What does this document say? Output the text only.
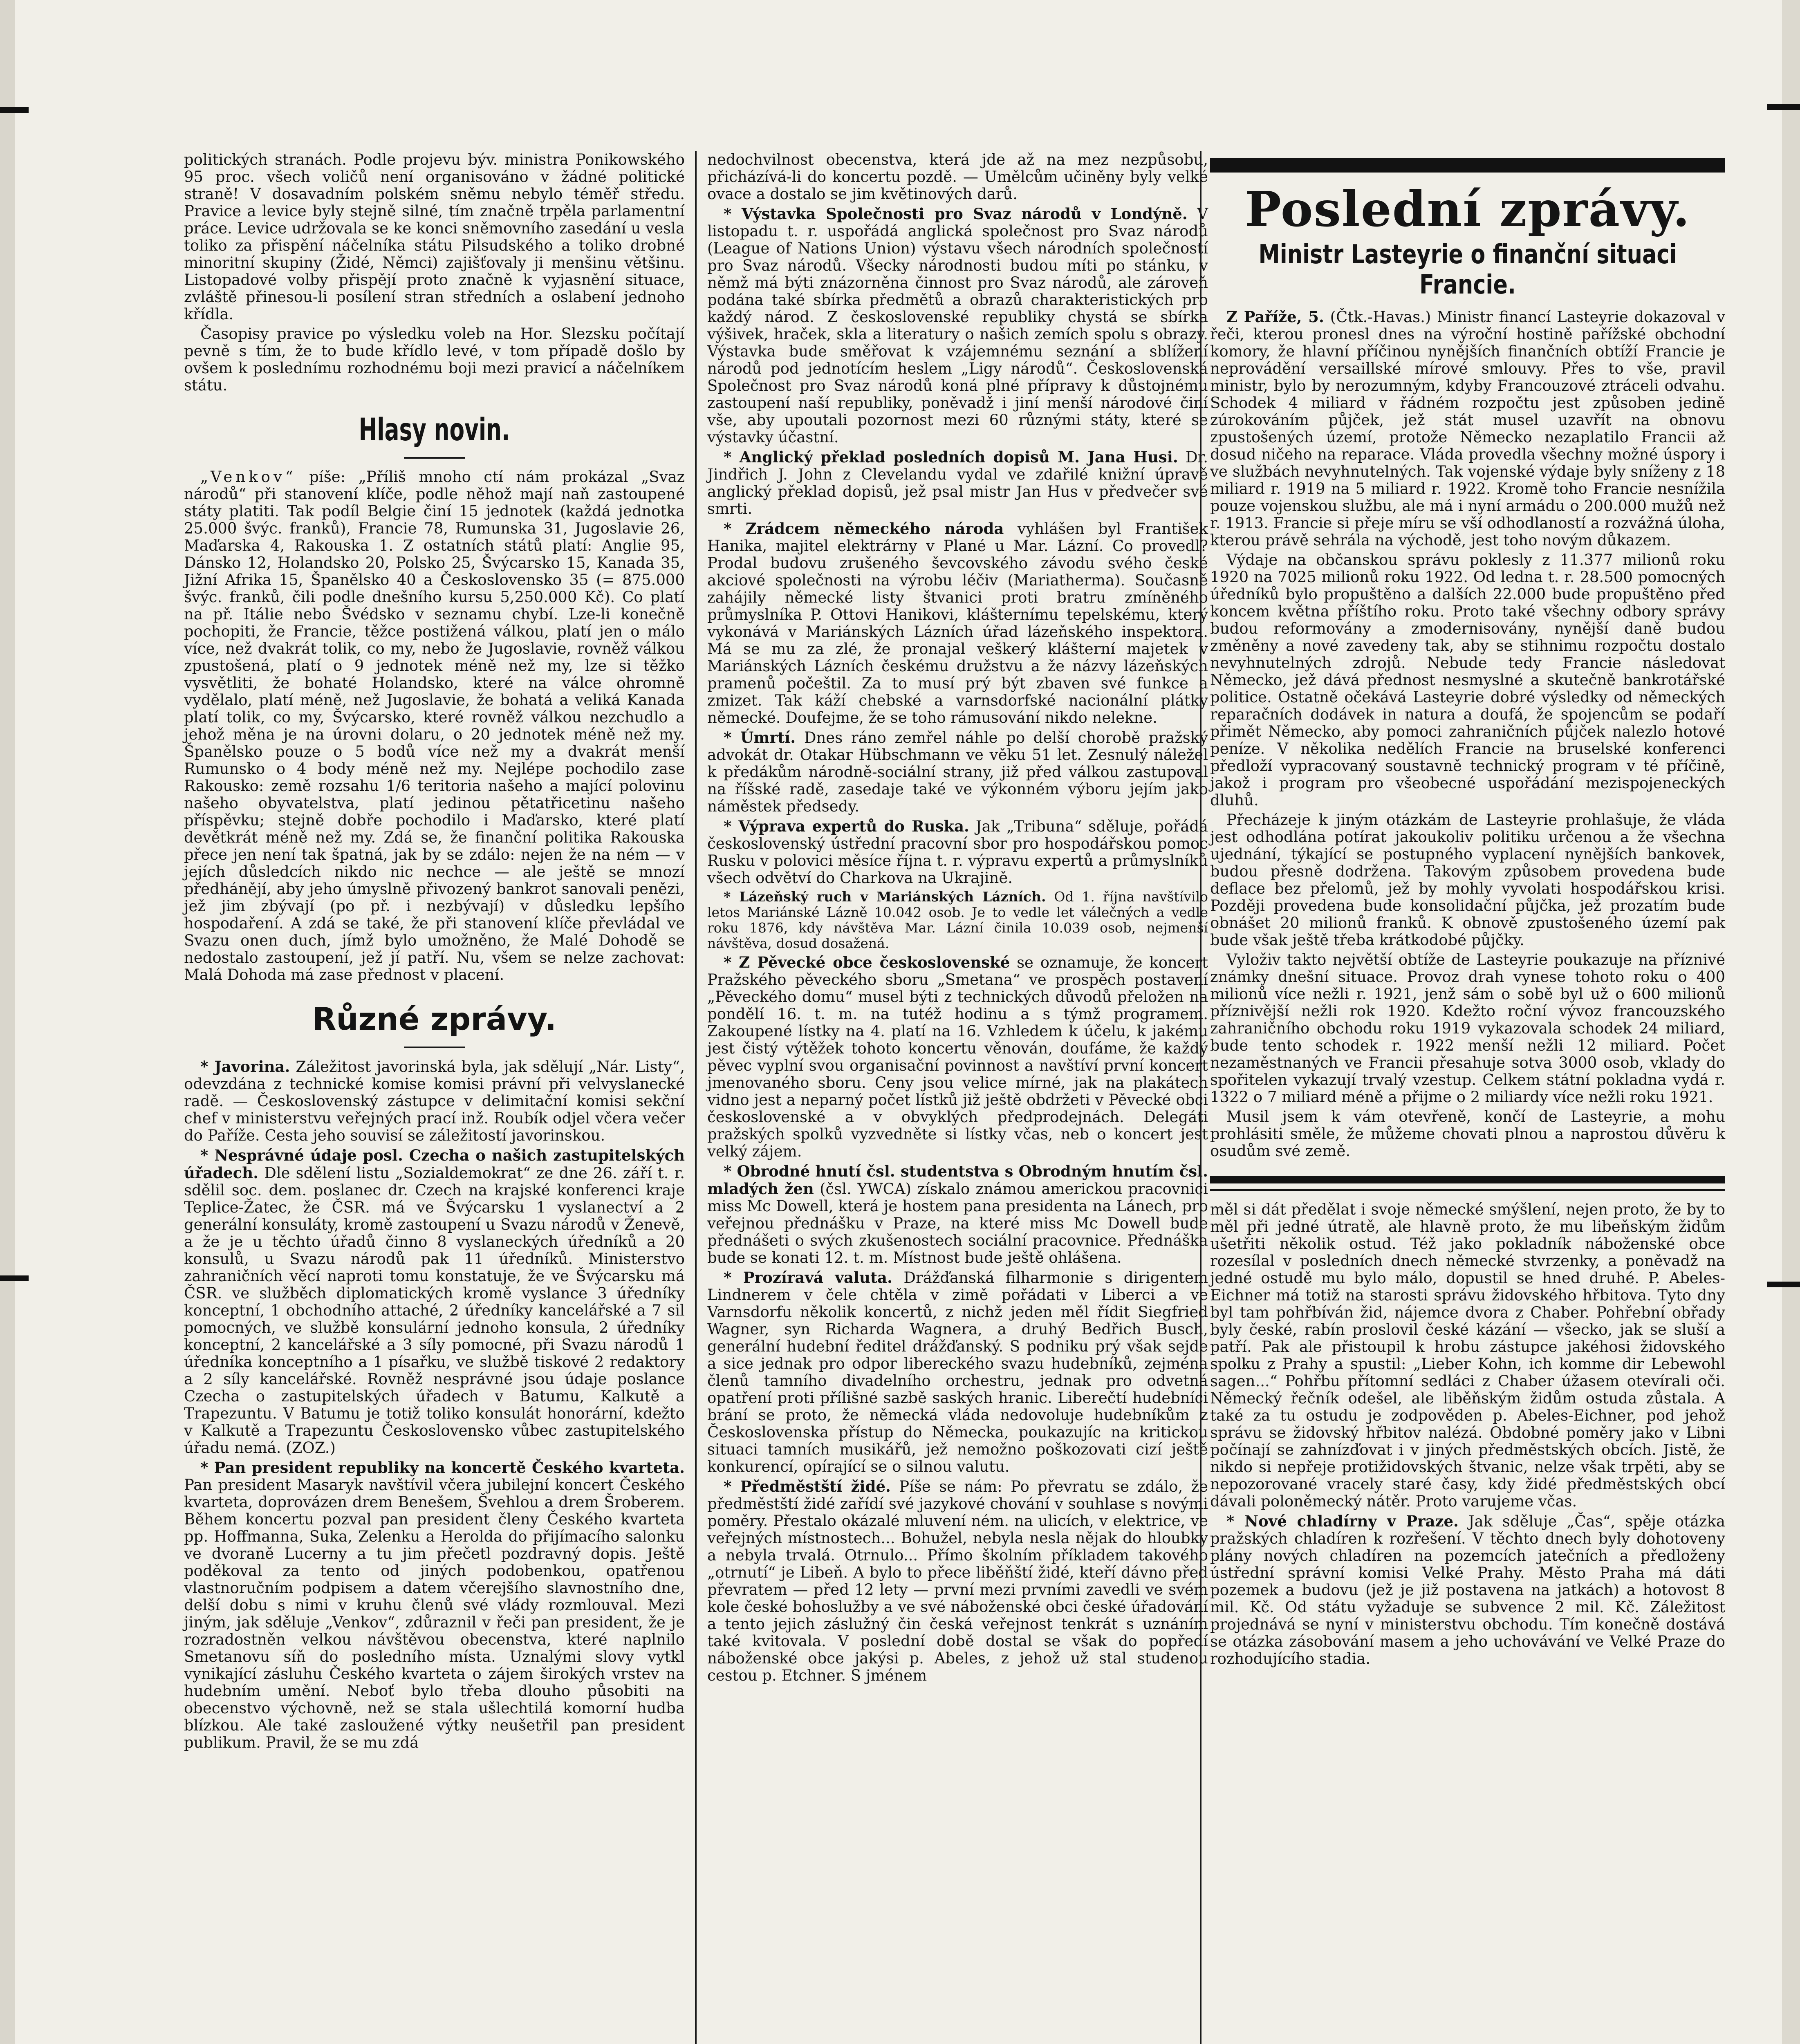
politických stranách. Podle projevu býv. ministra Ponikowského 95 proc. všech voličů není organisováno v žádné politické straně! V dosavadním polském sněmu nebylo téměř středu. Pravice a levice byly stejně silné, tím značně trpěla parlamentní práce. Levice udržovala se ke konci sněmovního zasedání u vesla toliko za přispění náčelníka státu Pilsudského a toliko drobné minoritní skupiny (Židé, Němci) zajišťovaly ji menšinu většinu. Listopadové volby přispějí proto značně k vyjasnění situace, zvláště přinesou-li posílení stran středních a oslabení jednoho křídla.

Časopisy pravice po výsledku voleb na Hor. Slezsku počítají pevně s tím, že to bude křídlo levé, v tom případě došlo by ovšem k poslednímu rozhodnému boji mezi pravicí a náčelníkem státu.

Hlasy novin.

„Venkov“ píše: „Příliš mnoho ctí nám prokázal „Svaz národů“ při stanovení klíče, podle něhož mají naň zastoupené státy platiti. Tak podíl Belgie činí 15 jednotek (každá jednotka 25.000 švýc. franků), Francie 78, Rumunska 31, Jugoslavie 26, Maďarska 4, Rakouska 1. Z ostatních států platí: Anglie 95, Dánsko 12, Holandsko 20, Polsko 25, Švýcarsko 15, Kanada 35, Jižní Afrika 15, Španělsko 40 a Československo 35 (= 875.000 švýc. franků, čili podle dnešního kursu 5,250.000 Kč). Co platí na př. Itálie nebo Švédsko v seznamu chybí. Lze-li konečně pochopiti, že Francie, těžce postižená válkou, platí jen o málo více, než dvakrát tolik, co my, nebo že Jugoslavie, rovněž válkou zpustošená, platí o 9 jednotek méně než my, lze si těžko vysvětliti, že bohaté Holandsko, které na válce ohromně vydělalo, platí méně, než Jugoslavie, že bohatá a veliká Kanada platí tolik, co my, Švýcarsko, které rovněž válkou nezchudlo a jehož měna je na úrovni dolaru, o 20 jednotek méně než my. Španělsko pouze o 5 bodů více než my a dvakrát menší Rumunsko o 4 body méně než my. Nejlépe pochodilo zase Rakousko: země rozsahu 1/6 teritoria našeho a mající polovinu našeho obyvatelstva, platí jedinou pětatřicetinu našeho příspěvku; stejně dobře pochodilo i Maďarsko, které platí devětkrát méně než my. Zdá se, že finanční politika Rakouska přece jen není tak špatná, jak by se zdálo: nejen že na ném — v jejích důsledcích nikdo nic nechce — ale ještě se mnozí předhánějí, aby jeho úmyslně přivozený bankrot sanovali penězi, jež jim zbývají (po př. i nezbývají) v důsledku lepšího hospodaření. A zdá se také, že při stanovení klíče převládal ve Svazu onen duch, jímž bylo umožněno, že Malé Dohodě se nedostalo zastoupení, jež jí patří. Nu, všem se nelze zachovat: Malá Dohoda má zase přednost v placení.

Různé zprávy.

* Javorina. Záležitost javorinská byla, jak sdělují „Nár. Listy“, odevzdána z technické komise komisi právní při velvyslanecké radě. — Československý zástupce v delimitační komisi sekční chef v ministerstvu veřejných prací inž. Roubík odjel včera večer do Paříže. Cesta jeho souvisí se záležitostí javorinskou.

* Nesprávné údaje posl. Czecha o našich zastupitelských úřadech. Dle sdělení listu „Sozialdemokrat“ ze dne 26. září t. r. sdělil soc. dem. poslanec dr. Czech na krajské konferenci kraje Teplice-Žatec, že ČSR. má ve Švýcarsku 1 vyslanectví a 2 generální konsuláty, kromě zastoupení u Svazu národů v Ženevě, a že je u těchto úřadů činno 8 vyslaneckých úředníků a 20 konsulů, u Svazu národů pak 11 úředníků. Ministerstvo zahraničních věcí naproti tomu konstatuje, že ve Švýcarsku má ČSR. ve služběch diplomatických kromě vyslance 3 úředníky konceptní, 1 obchodního attaché, 2 úředníky kancelářské a 7 sil pomocných, ve službě konsulární jednoho konsula, 2 úředníky konceptní, 2 kancelářské a 3 síly pomocné, při Svazu národů 1 úředníka konceptního a 1 písařku, ve službě tiskové 2 redaktory a 2 síly kancelářské. Rovněž nesprávné jsou údaje poslance Czecha o zastupitelských úřadech v Batumu, Kalkutě a Trapezuntu. V Batumu je totiž toliko konsulát honorární, kdežto v Kalkutě a Trapezuntu Československo vůbec zastupitelského úřadu nemá. (ZOZ.)

* Pan president republiky na koncertě Českého kvarteta. Pan president Masaryk navštívil včera jubilejní koncert Českého kvarteta, doprovázen drem Benešem, Švehlou a drem Šroberem. Během koncertu pozval pan president členy Českého kvarteta pp. Hoffmanna, Suka, Zelenku a Herolda do přijímacího salonku ve dvoraně Lucerny a tu jim přečetl pozdravný dopis. Ještě poděkoval za tento od jiných podobenkou, opatřenou vlastnoručním podpisem a datem včerejšího slavnostního dne, delší dobu s nimi v kruhu členů své vlády rozmlouval. Mezi jiným, jak sděluje „Venkov“, zdůraznil v řeči pan president, že je rozradostněn velkou návštěvou obecenstva, které naplnilo Smetanovu síň do posledního místa. Uznalými slovy vytkl vynikající zásluhu Českého kvarteta o zájem širokých vrstev na hudebním umění. Neboť bylo třeba dlouho působiti na obecenstvo výchovně, než se stala ušlechtilá komorní hudba blízkou. Ale také zasloužené výtky neušetřil pan president publikum. Pravil, že se mu zdá

nedochvilnost obecenstva, která jde až na mez nezpůsobu, přicházívá-li do koncertu pozdě. — Umělcům učiněny byly velké ovace a dostalo se jim květinových darů.

* Výstavka Společnosti pro Svaz národů v Londýně. V listopadu t. r. uspořádá anglická společnost pro Svaz národů (League of Nations Union) výstavu všech národních společností pro Svaz národů. Všecky národnosti budou míti po stánku, v němž má býti znázorněna činnost pro Svaz národů, ale zároveň podána také sbírka předmětů a obrazů charakteristických pro každý národ. Z československé republiky chystá se sbírka výšivek, hraček, skla a literatury o našich zemích spolu s obrazy. Výstavka bude směřovat k vzájemnému seznání a sblížení národů pod jednotícím heslem „Ligy národů“. Československá Společnost pro Svaz národů koná plné přípravy k důstojnému zastoupení naší republiky, poněvadž i jiní menší národové činí vše, aby upoutali pozornost mezi 60 různými státy, které se výstavky účastní.

* Anglický překlad posledních dopisů M. Jana Husi. Dr. Jindřich J. John z Clevelandu vydal ve zdařilé knižní úpravě anglický překlad dopisů, jež psal mistr Jan Hus v předvečer své smrti.

* Zrádcem německého národa vyhlášen byl František Hanika, majitel elektrárny v Plané u Mar. Lázní. Co provedl? Prodal budovu zrušeného ševcovského závodu svého české akciové společnosti na výrobu léčiv (Mariatherma). Současně zahájily německé listy štvanici proti bratru zmíněného průmyslníka P. Ottovi Hanikovi, klášternímu tepelskému, který vykonává v Mariánských Lázních úřad lázeňského inspektora. Má se mu za zlé, že pronajal veškerý klášterní majetek v Mariánských Lázních českému družstvu a že názvy lázeňských pramenů počeštil. Za to musí prý být zbaven své funkce a zmizet. Tak káží chebské a varnsdorfské nacionální plátky německé. Doufejme, že se toho rámusování nikdo nelekne.

* Úmrtí. Dnes ráno zemřel náhle po delší chorobě pražský advokát dr. Otakar Hübschmann ve věku 51 let. Zesnulý náležel k předákům národně-sociální strany, již před válkou zastupoval na říšské radě, zasedaje také ve výkonném výboru jejím jako náměstek předsedy.

* Výprava expertů do Ruska. Jak „Tribuna“ sděluje, pořádá československý ústřední pracovní sbor pro hospodářskou pomoc Rusku v polovici měsíce října t. r. výpravu expertů a průmyslníků všech odvětví do Charkova na Ukrajině.

* Lázeňský ruch v Mariánských Lázních. Od 1. října navštívilo letos Mariánské Lázně 10.042 osob. Je to vedle let válečných a vedle roku 1876, kdy návštěva Mar. Lázní činila 10.039 osob, nejmenší návštěva, dosud dosažená.

* Z Pěvecké obce československé se oznamuje, že koncert Pražského pěveckého sboru „Smetana“ ve prospěch postavení „Pěveckého domu“ musel býti z technických důvodů přeložen na pondělí 16. t. m. na tutéž hodinu a s týmž programem. Zakoupené lístky na 4. platí na 16. Vzhledem k účelu, k jakému jest čistý výtěžek tohoto koncertu věnován, doufáme, že každý pěvec vyplní svou organisační povinnost a navštíví první koncert jmenovaného sboru. Ceny jsou velice mírné, jak na plakátech vidno jest a neparný počet lístků již ještě obdržeti v Pěvecké obci československé a v obvyklých předprodejnách. Delegáti pražských spolků vyzvedněte si lístky včas, neb o koncert jest velký zájem.

* Obrodné hnutí čsl. studentstva s Obrodným hnutím čsl. mladých žen (čsl. YWCA) získalo známou americkou pracovnici miss Mc Dowell, která je hostem pana presidenta na Lánech, pro veřejnou přednášku v Praze, na které miss Mc Dowell bude přednášeti o svých zkušenostech sociální pracovnice. Přednáška bude se konati 12. t. m. Místnost bude ještě ohlášena.

* Prozíravá valuta. Drážďanská filharmonie s dirigentem Lindnerem v čele chtěla v zimě pořádati v Liberci a ve Varnsdorfu několik koncertů, z nichž jeden měl řídit Siegfried Wagner, syn Richarda Wagnera, a druhý Bedřich Busch, generální hudební ředitel drážďanský. S podniku prý však sejde a sice jednak pro odpor libereckého svazu hudebníků, zejména členů tamního divadelního orchestru, jednak pro odvetná opatření proti přílišné sazbě saských hranic. Liberečtí hudebníci brání se proto, že německá vláda nedovoluje hudebníkům z Československa přístup do Německa, poukazujíc na kritickou situaci tamních musikářů, jež nemožno poškozovati cizí ještě konkurencí, opírající se o silnou valutu.

* Předměstští židé. Píše se nám: Po převratu se zdálo, že předměstští židé zařídí své jazykové chování v souhlase s novými poměry. Přestalo okázalé mluvení ném. na ulicích, v elektrice, ve veřejných místnostech... Bohužel, nebyla nesla nějak do hloubky a nebyla trvalá. Otrnulo... Přímo školním příkladem takového „otrnutí“ je Libeň. A bylo to přece liběňští židé, kteří dávno před převratem — před 12 lety — první mezi prvními zavedli ve svém kole české bohoslužby a ve své náboženské obci české úřadování a tento jejich záslužný čin česká veřejnost tenkrát s uznáním také kvitovala. V poslední době dostal se však do popředí náboženské obce jakýsi p. Abeles, z jehož už stal studenou cestou p. Etchner. S jménem

Poslední zprávy.
Ministr Lasteyrie o finanční situaci Francie.

Z Paříže, 5. (Čtk.-Havas.) Ministr financí Lasteyrie dokazoval v řeči, kterou pronesl dnes na výroční hostině pařížské obchodní komory, že hlavní příčinou nynějších finančních obtíží Francie je neprovádění versaillské mírové smlouvy. Přes to vše, pravil ministr, bylo by nerozumným, kdyby Francouzové ztráceli odvahu. Schodek 4 miliard v řádném rozpočtu jest způsoben jedině zúrokováním půjček, jež stát musel uzavřít na obnovu zpustošených území, protože Německo nezaplatilo Francii až dosud ničeho na reparace. Vláda provedla všechny možné úspory i ve službách nevyhnutelných. Tak vojenské výdaje byly sníženy z 18 miliard r. 1919 na 5 miliard r. 1922. Kromě toho Francie nesnížila pouze vojenskou službu, ale má i nyní armádu o 200.000 mužů než r. 1913. Francie si přeje míru se vší odhodlaností a rozvážná úloha, kterou právě sehrála na východě, jest toho novým důkazem.

Výdaje na občanskou správu poklesly z 11.377 milionů roku 1920 na 7025 milionů roku 1922. Od ledna t. r. 28.500 pomocných úředníků bylo propuštěno a dalších 22.000 bude propuštěno před koncem května příštího roku. Proto také všechny odbory správy budou reformovány a zmodernisovány, nynější daně budou změněny a nové zavedeny tak, aby se stihnimu rozpočtu dostalo nevyhnutelných zdrojů. Nebude tedy Francie následovat Německo, jež dává přednost nesmyslné a skutečně bankrotářské politice. Ostatně očekává Lasteyrie dobré výsledky od německých reparačních dodávek in natura a doufá, že spojencům se podaří přimět Německo, aby pomoci zahraničních půjček nalezlo hotové peníze. V několika nedělích Francie na bruselské konferenci předloží vypracovaný soustavně technický program v té příčině, jakož i program pro všeobecné uspořádání mezispojeneckých dluhů.

Přecházeje k jiným otázkám de Lasteyrie prohlašuje, že vláda jest odhodlána potírat jakoukoliv politiku určenou a že všechna ujednání, týkající se postupného vyplacení nynějších bankovek, budou přesně dodržena. Takovým způsobem provedena bude deflace bez přelomů, jež by mohly vyvolati hospodářskou krisi. Později provedena bude konsolidační půjčka, jež prozatím bude obnášet 20 milionů franků. K obnově zpustošeného území pak bude však ještě třeba krátkodobé půjčky.

Vyloživ takto největší obtíže de Lasteyrie poukazuje na příznivé známky dnešní situace. Provoz drah vynese tohoto roku o 400 milionů více nežli r. 1921, jenž sám o sobě byl už o 600 milionů příznivější nežli rok 1920. Kdežto roční vývoz francouzského zahraničního obchodu roku 1919 vykazovala schodek 24 miliard, bude tento schodek r. 1922 menší nežli 12 miliard. Počet nezaměstnaných ve Francii přesahuje sotva 3000 osob, vklady do spořitelen vykazují trvalý vzestup. Celkem státní pokladna vydá r. 1322 o 7 miliard méně a přijme o 2 miliardy více nežli roku 1921.

Musil jsem k vám otevřeně, končí de Lasteyrie, a mohu prohlásiti směle, že můžeme chovati plnou a naprostou důvěru k osudům své země.

měl si dát předělat i svoje německé smýšlení, nejen proto, že by to měl při jedné útratě, ale hlavně proto, že mu libeňským židům ušetřiti několik ostud. Též jako pokladník náboženské obce rozesílal v posledních dnech německé stvrzenky, a poněvadž na jedné ostudě mu bylo málo, dopustil se hned druhé. P. Abeles-Eichner má totiž na starosti správu židovského hřbitova. Tyto dny byl tam pohřbíván žid, nájemce dvora z Chaber. Pohřební obřady byly české, rabín proslovil české kázání — všecko, jak se sluší a patří. Pak ale přistoupil k hrobu zástupce jakéhosi židovského spolku z Prahy a spustil: „Lieber Kohn, ich komme dir Lebewohl sagen...“ Pohřbu přítomní sedláci z Chaber úžasem otevírali oči. Německý řečník odešel, ale liběňským židům ostuda zůstala. A také za tu ostudu je zodpověden p. Abeles-Eichner, pod jehož správu se židovský hřbitov nalézá. Obdobné poměry jako v Libni počínají se zahnízďovat i v jiných předměstských obcích. Jistě, že nikdo si nepřeje protižidovských štvanic, nelze však trpěti, aby se nepozorované vracely staré časy, kdy židé předměstských obcí dávali poloněmecký nátěr. Proto varujeme včas.

* Nové chladírny v Praze. Jak sděluje „Čas“, spěje otázka pražských chladíren k rozřešení. V těchto dnech byly dohotoveny plány nových chladíren na pozemcích jatečních a předloženy ústřední správní komisi Velké Prahy. Město Praha má dáti pozemek a budovu (jež je již postavena na jatkách) a hotovost 8 mil. Kč. Od státu vyžaduje se subvence 2 mil. Kč. Záležitost projednává se nyní v ministerstvu obchodu. Tím konečně dostává se otázka zásobování masem a jeho uchovávání ve Velké Praze do rozhodujícího stadia.
